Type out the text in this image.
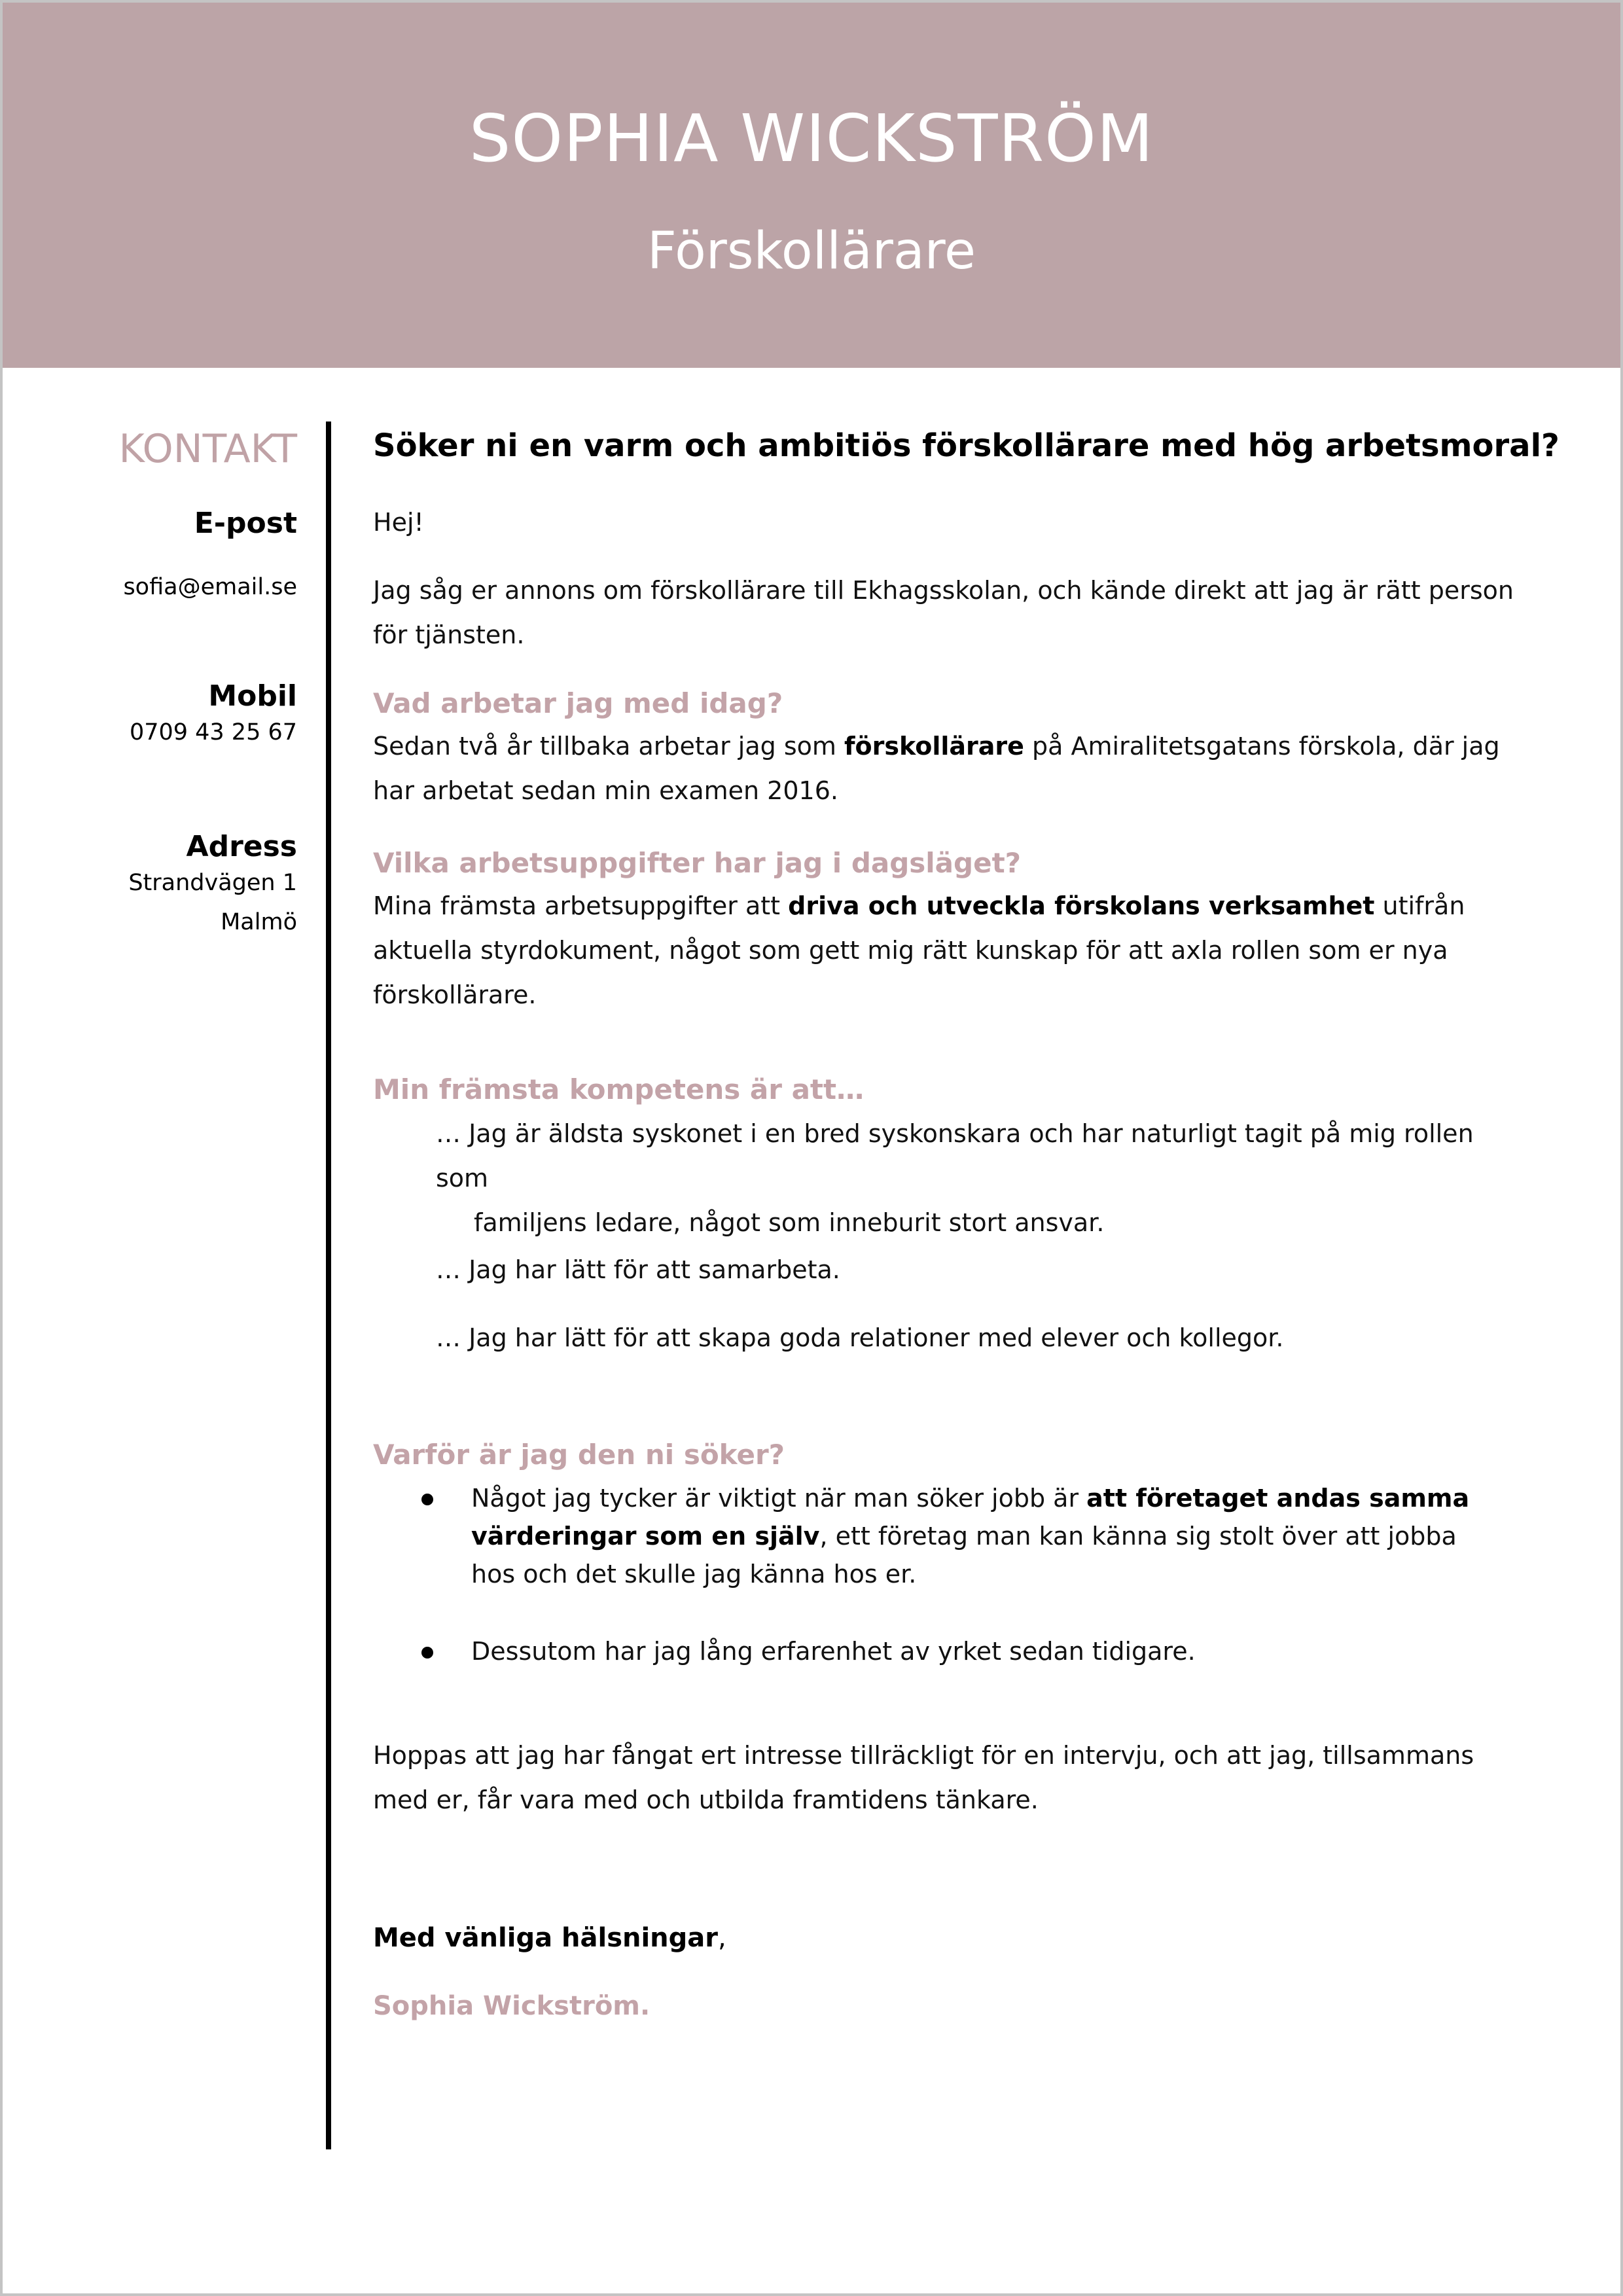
SOPHIA WICKSTRÖM
Förskollärare
KONTAKT
E-post
sofia@email.se
Mobil
0709 43 25 67
Adress
Strandvägen 1
Malmö
Söker ni en varm och ambitiös förskollärare med hög arbetsmoral?
Hej!
Jag såg er annons om förskollärare till Ekhagsskolan, och kände direkt att jag är rätt person för tjänsten.
Vad arbetar jag med idag?
Sedan två år tillbaka arbetar jag som förskollärare på Amiralitetsgatans förskola, där jag har arbetat sedan min examen 2016.
Vilka arbetsuppgifter har jag i dagsläget?
Mina främsta arbetsuppgifter att driva och utveckla förskolans verksamhet utifrån aktuella styrdokument, något som gett mig rätt kunskap för att axla rollen som er nya förskollärare.
Min främsta kompetens är att…
… Jag är äldsta syskonet i en bred syskonskara och har naturligt tagit på mig rollen som
familjens ledare, något som inneburit stort ansvar.
… Jag har lätt för att samarbeta.
… Jag har lätt för att skapa goda relationer med elever och kollegor.
Varför är jag den ni söker?
Något jag tycker är viktigt när man söker jobb är att företaget andas samma värderingar som en själv, ett företag man kan känna sig stolt över att jobba hos och det skulle jag känna hos er.
Dessutom har jag lång erfarenhet av yrket sedan tidigare.
Hoppas att jag har fångat ert intresse tillräckligt för en intervju, och att jag, tillsammans med er, får vara med och utbilda framtidens tänkare.
Med vänliga hälsningar,
Sophia Wickström.
